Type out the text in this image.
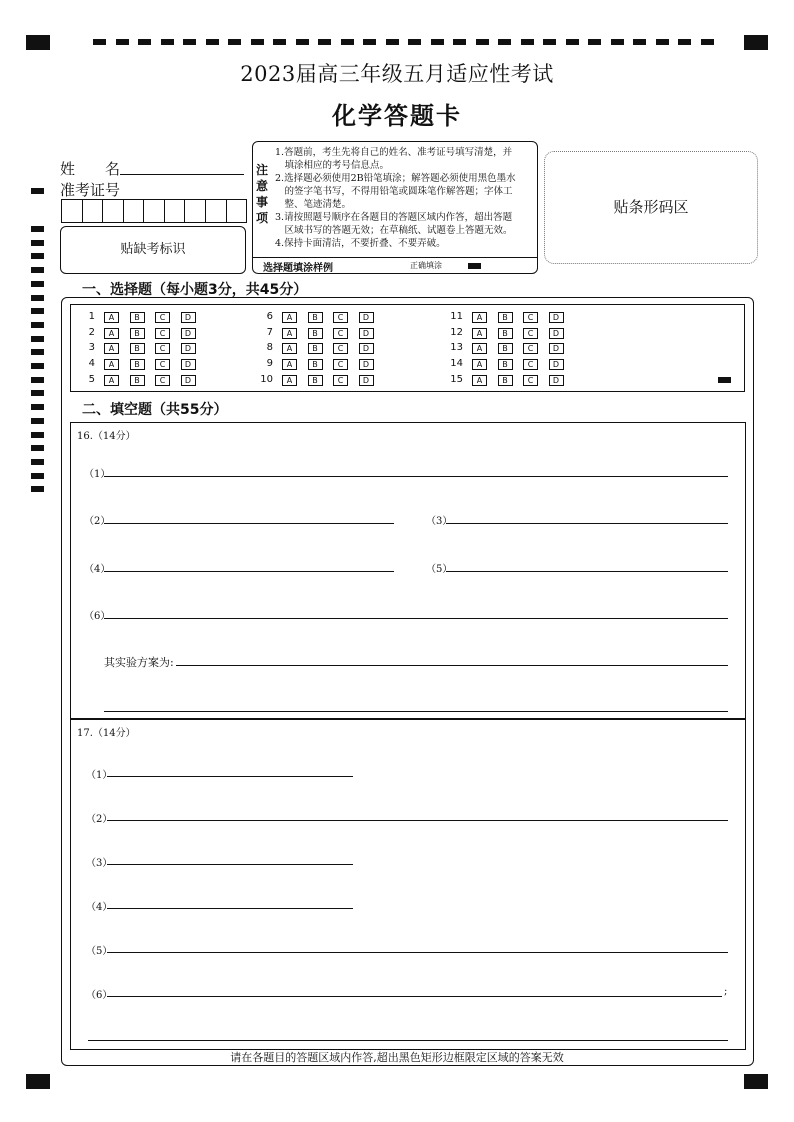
2023届高三年级五月适应性考试
化学答题卡
姓　　名
准考证号
贴缺考标识
注
意
事
项
1.答题前，考生先将自己的姓名、准考证号填写清楚，并
　填涂相应的考号信息点。
2.选择题必须使用2B铅笔填涂；解答题必须使用黑色墨水
　的签字笔书写，不得用铅笔或圆珠笔作解答题；字体工
　整、笔迹清楚。
3.请按照题号顺序在各题目的答题区域内作答，超出答题
　区域书写的答题无效；在草稿纸、试题卷上答题无效。
4.保持卡面清洁，不要折叠、不要弄破。
选择题填涂样例	正确填涂
贴条形码区
一、选择题（每小题3分，共45分）
1	A	B	C	D
2	A	B	C	D
3	A	B	C	D
4	A	B	C	D
5	A	B	C	D
6	A	B	C	D
7	A	B	C	D
8	A	B	C	D
9	A	B	C	D
10	A	B	C	D
11	A	B	C	D
12	A	B	C	D
13	A	B	C	D
14	A	B	C	D
15	A	B	C	D
二、填空题（共55分）
16.（14分）
（1）
（2）	（3）
（4）	（5）
（6）
其实验方案为:
17.（14分）
（1）
（2）
（3）
（4）
（5）
（6）	;
请在各题目的答题区域内作答,超出黑色矩形边框限定区域的答案无效
